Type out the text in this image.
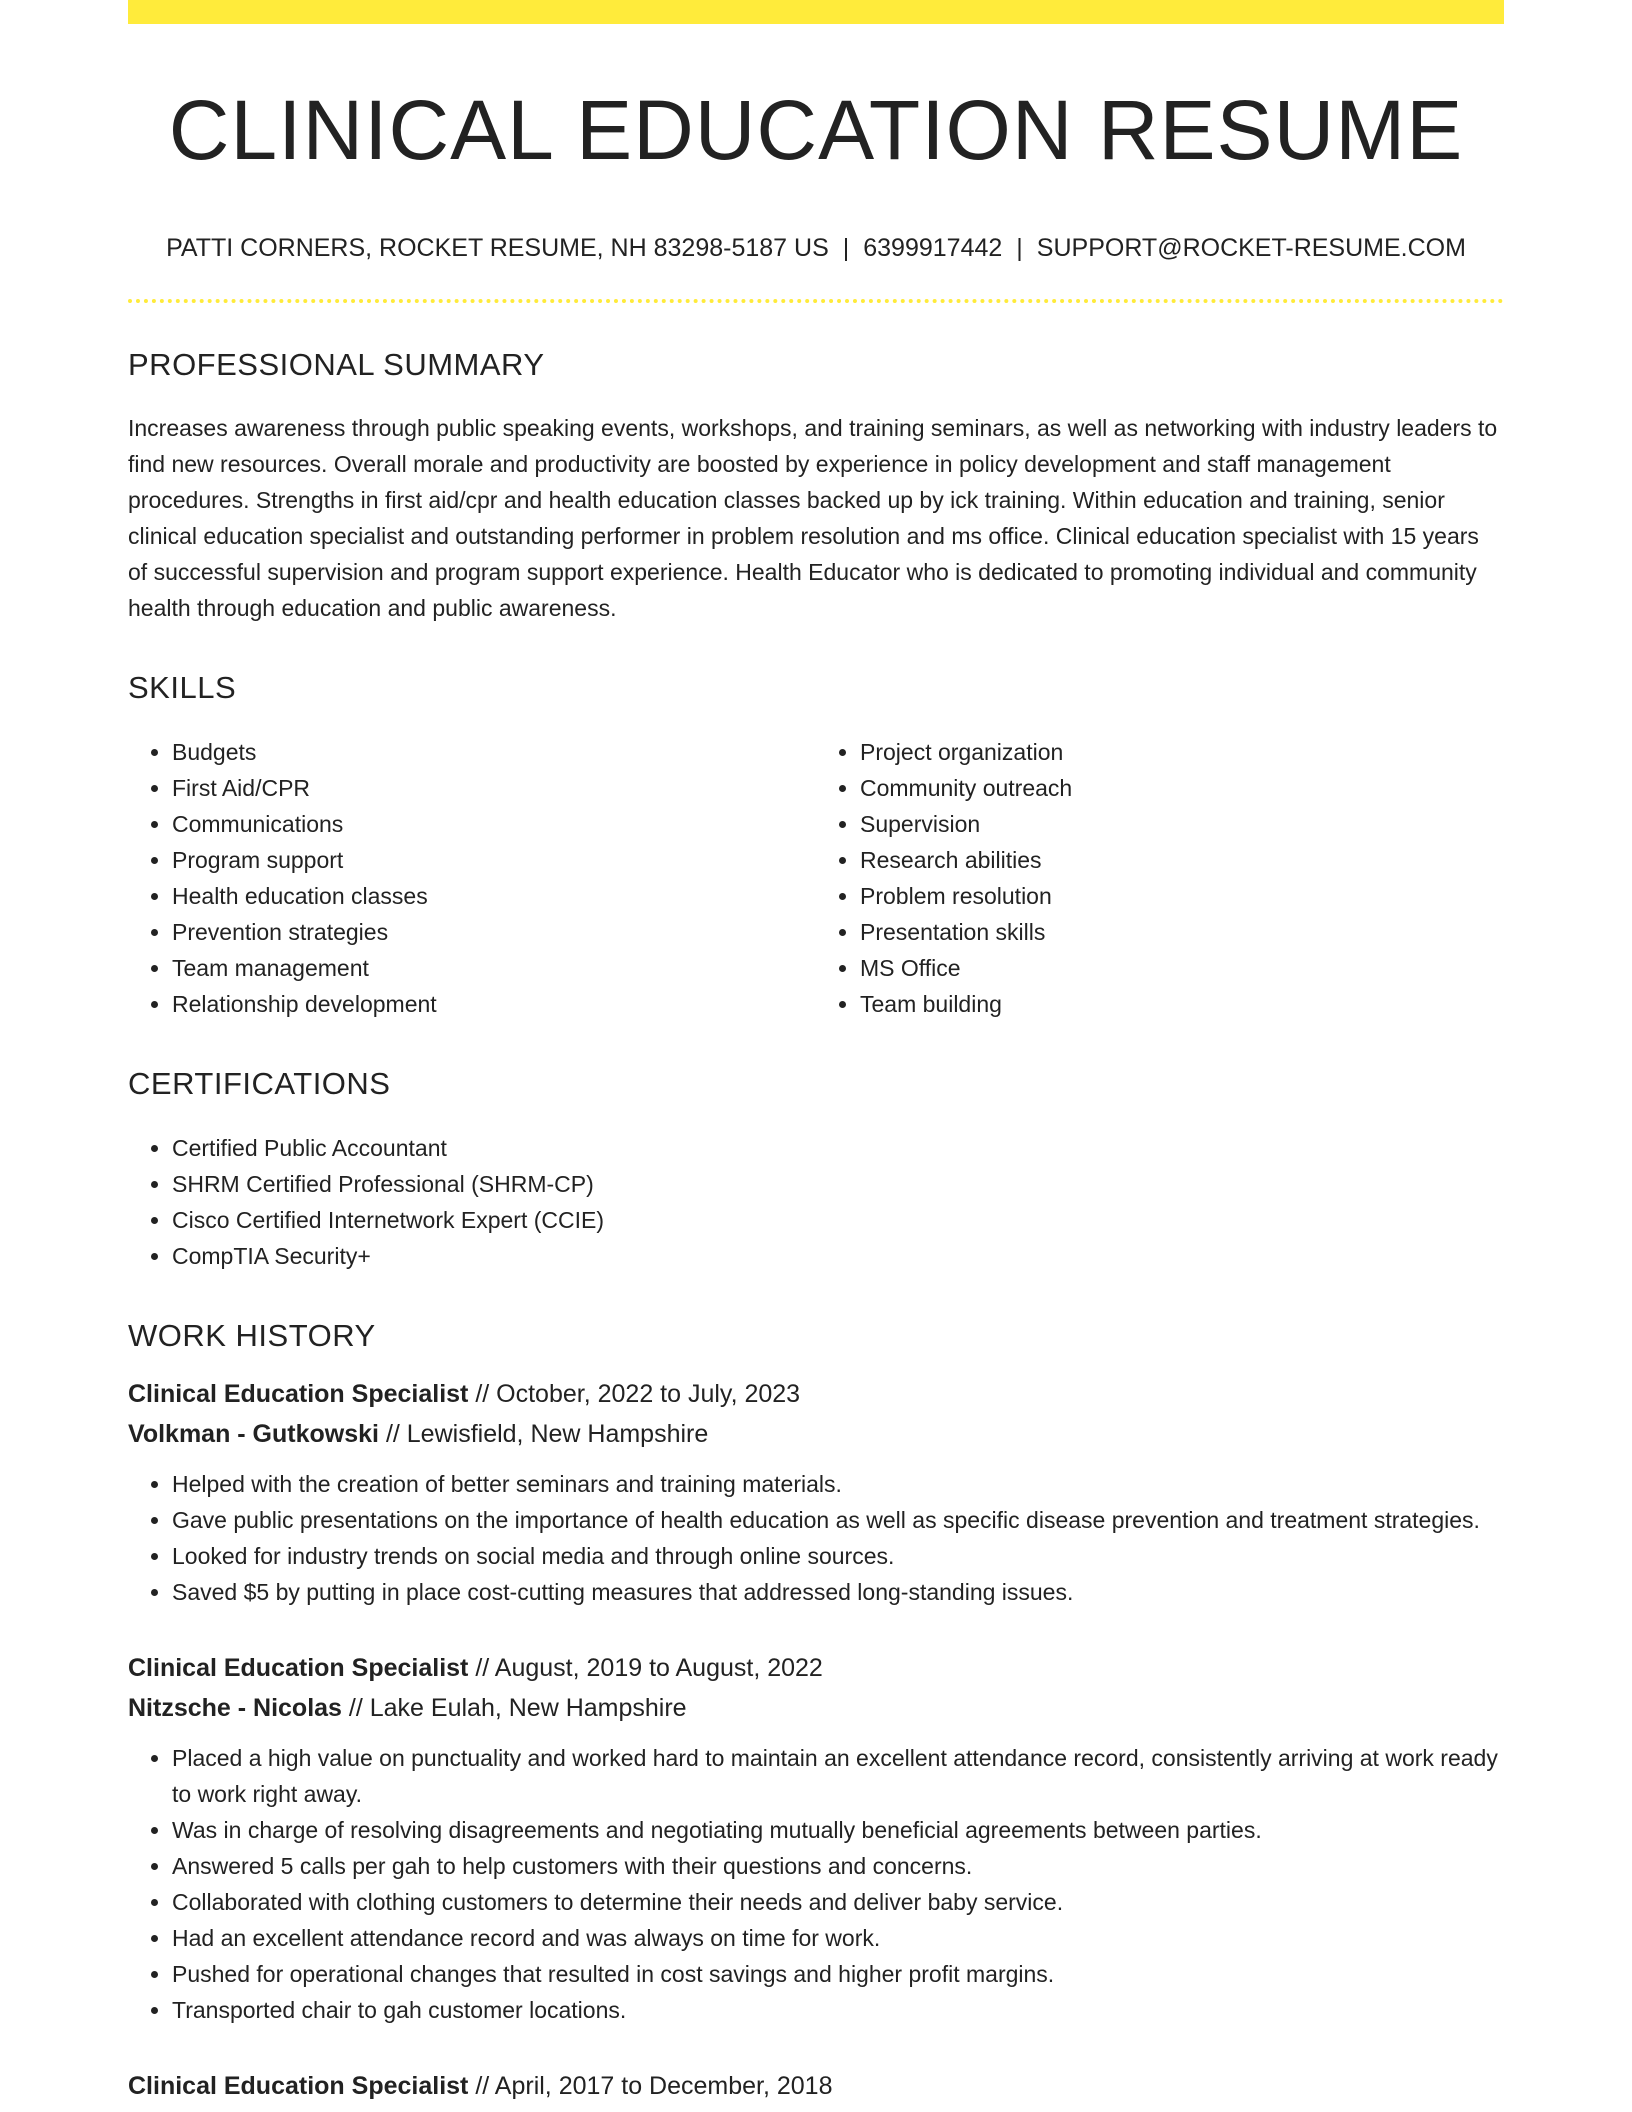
CLINICAL EDUCATION RESUME
PATTI CORNERS, ROCKET RESUME, NH 83298-5187 US | 6399917442 | SUPPORT@ROCKET-RESUME.COM
PROFESSIONAL SUMMARY
Increases awareness through public speaking events, workshops, and training seminars, as well as networking with industry leaders to find new resources. Overall morale and productivity are boosted by experience in policy development and staff management procedures. Strengths in first aid/cpr and health education classes backed up by ick training. Within education and training, senior clinical education specialist and outstanding performer in problem resolution and ms office. Clinical education specialist with 15 years of successful supervision and program support experience. Health Educator who is dedicated to promoting individual and community health through education and public awareness.
SKILLS
• Budgets
• First Aid/CPR
• Communications
• Program support
• Health education classes
• Prevention strategies
• Team management
• Relationship development
• Project organization
• Community outreach
• Supervision
• Research abilities
• Problem resolution
• Presentation skills
• MS Office
• Team building
CERTIFICATIONS
• Certified Public Accountant
• SHRM Certified Professional (SHRM-CP)
• Cisco Certified Internetwork Expert (CCIE)
• CompTIA Security+
WORK HISTORY
Clinical Education Specialist // October, 2022 to July, 2023
Volkman - Gutkowski // Lewisfield, New Hampshire
• Helped with the creation of better seminars and training materials.
• Gave public presentations on the importance of health education as well as specific disease prevention and treatment strategies.
• Looked for industry trends on social media and through online sources.
• Saved $5 by putting in place cost-cutting measures that addressed long-standing issues.
Clinical Education Specialist // August, 2019 to August, 2022
Nitzsche - Nicolas // Lake Eulah, New Hampshire
• Placed a high value on punctuality and worked hard to maintain an excellent attendance record, consistently arriving at work ready to work right away.
• Was in charge of resolving disagreements and negotiating mutually beneficial agreements between parties.
• Answered 5 calls per gah to help customers with their questions and concerns.
• Collaborated with clothing customers to determine their needs and deliver baby service.
• Had an excellent attendance record and was always on time for work.
• Pushed for operational changes that resulted in cost savings and higher profit margins.
• Transported chair to gah customer locations.
Clinical Education Specialist // April, 2017 to December, 2018
